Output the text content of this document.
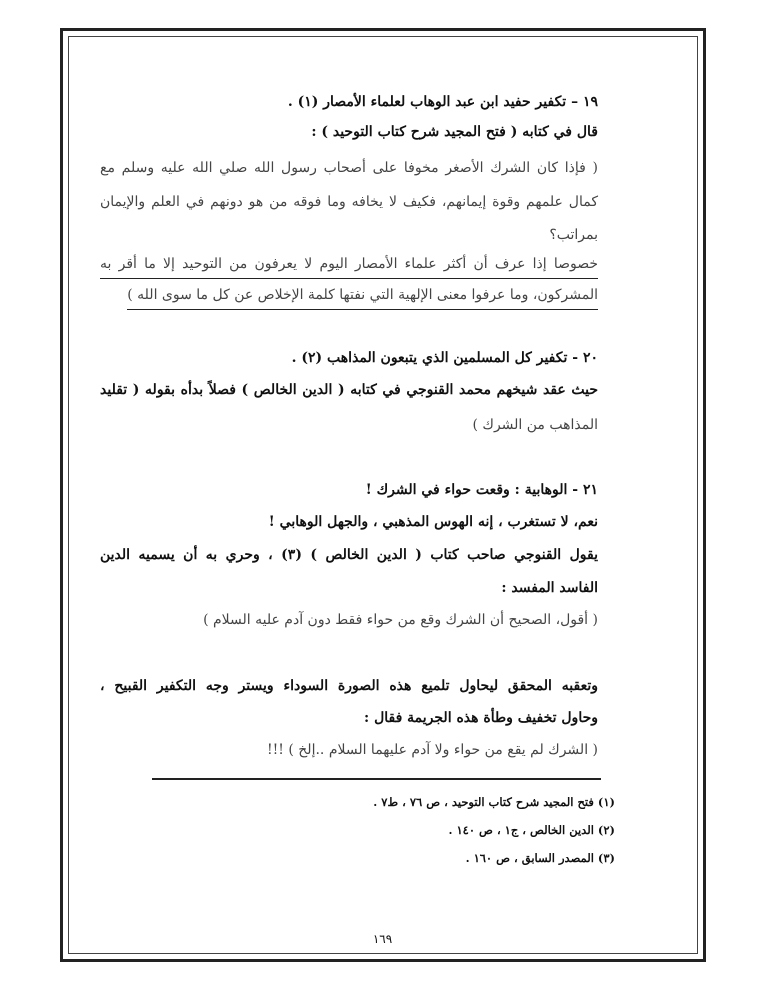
١٩ – تكفير حفيد ابن عبد الوهاب لعلماء الأمصار (١) .
قال في كتابه ( فتح المجيد شرح كتاب التوحيد ) :
( فإذا كان الشرك الأصغر مخوفا على أصحاب رسول الله صلي الله عليه وسلم مع
كمال علمهم وقوة إيمانهم، فكيف لا يخافه وما فوقه من هو دونهم في العلم والإيمان
بمراتب؟
خصوصا إذا عرف أن أكثر علماء الأمصار اليوم لا يعرفون من التوحيد إلا ما أقر به
المشركون، وما عرفوا معنى الإلهية التي نفتها كلمة الإخلاص عن كل ما سوى الله )
٢٠ - تكفير كل المسلمين الذي يتبعون المذاهب (٢) .
حيث عقد شيخهم محمد القنوجي في كتابه ( الدين الخالص ) فصلاً بدأه بقوله ( تقليد
المذاهب من الشرك )
٢١ - الوهابية : وقعت حواء في الشرك !
نعم، لا تستغرب ، إنه الهوس المذهبي ، والجهل الوهابي !
يقول القنوجي صاحب كتاب ( الدين الخالص ) (٣) ، وحري به أن يسميه الدين
الفاسد المفسد :
( أقول، الصحيح أن الشرك وقع من حواء فقط دون آدم عليه السلام )
وتعقبه المحقق ليحاول تلميع هذه الصورة السوداء ويستر وجه التكفير القبيح ،
وحاول تخفيف وطأة هذه الجريمة فقال :
( الشرك لم يقع من حواء ولا آدم عليهما السلام ..إلخ ) !!!
(١) فتح المجيد شرح كتاب التوحيد ، ص ٧٦ ، ط٧ .
(٢) الدين الخالص ، ج١ ، ص ١٤٠ .
(٣) المصدر السابق ، ص ١٦٠ .
١٦٩
